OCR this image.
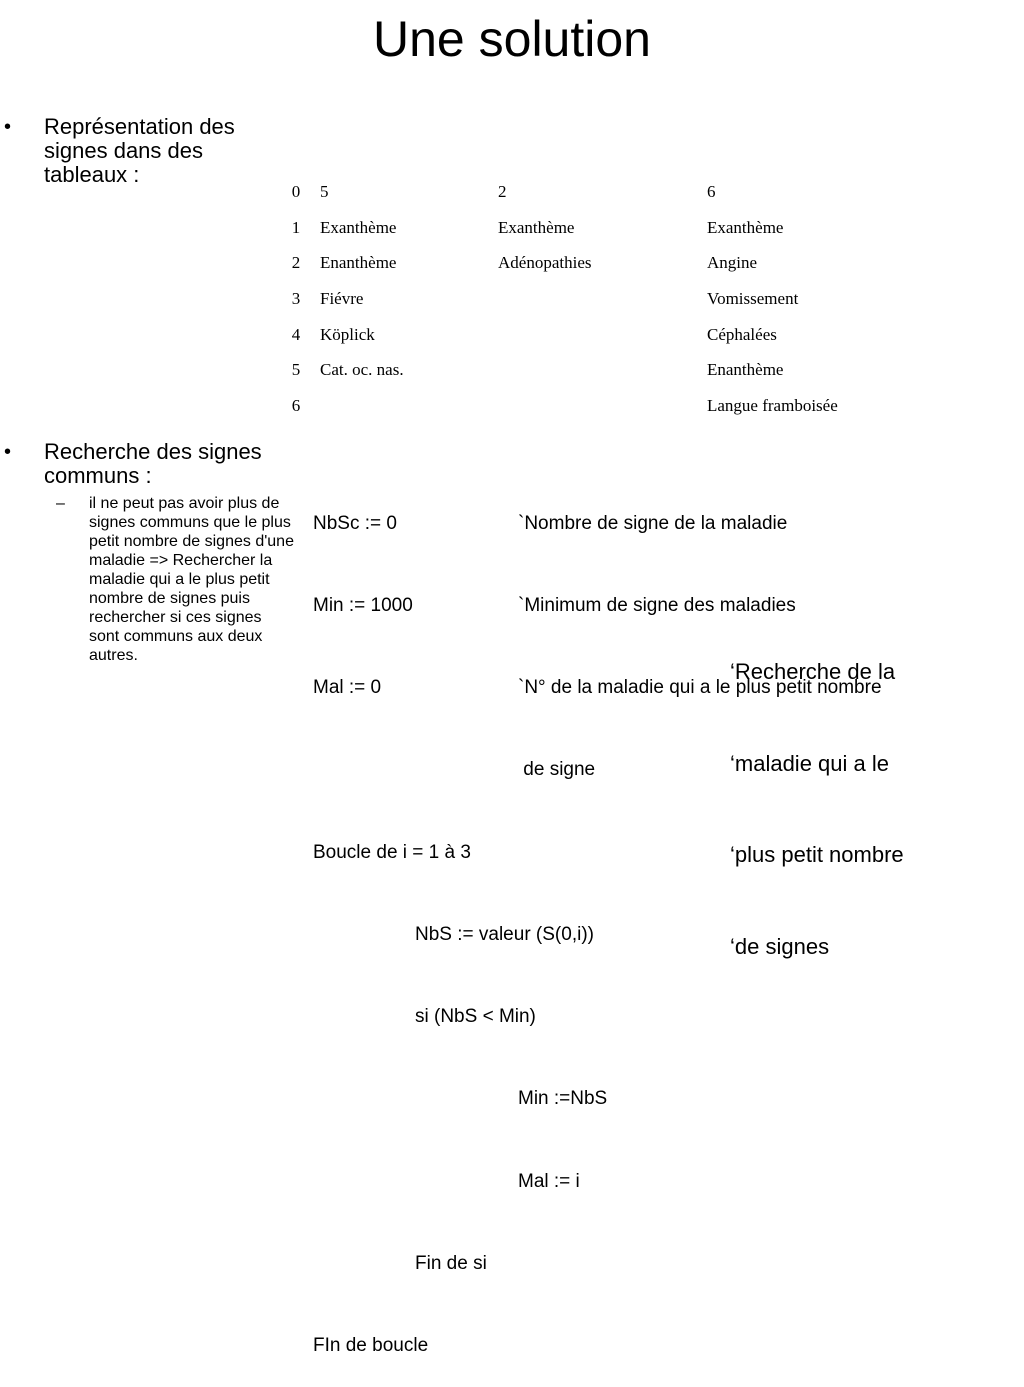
Une solution
•	Représentation des signes dans des tableaux :
0	5	2	6
1	Exanthème	Exanthème	Exanthème
2	Enanthème	Adénopathies	Angine
3	Fiévre		Vomissement
4	Köplick		Céphalées
5	Cat. oc. nas.		Enanthème
6			Langue framboisée
•	Recherche des signes communs :
– il ne peut pas avoir plus de signes communs que le plus petit nombre de signes d'une maladie => Rechercher la maladie qui a le plus petit nombre de signes puis rechercher si ces signes sont communs aux deux autres.

NbSc := 0

Min := 1000

Mal := 0

Boucle de i = 1 à 3

NbS := valeur (S(0,i))

si (NbS < Min)

Min :=NbS

Mal := i

Fin de si

FIn de boucle

`Nombre de signe de la maladie

`Minimum de signe des maladies

`N° de la maladie qui a le plus petit nombre

de signe

‘Recherche de la

‘maladie qui a le

‘plus petit nombre

‘de signes
